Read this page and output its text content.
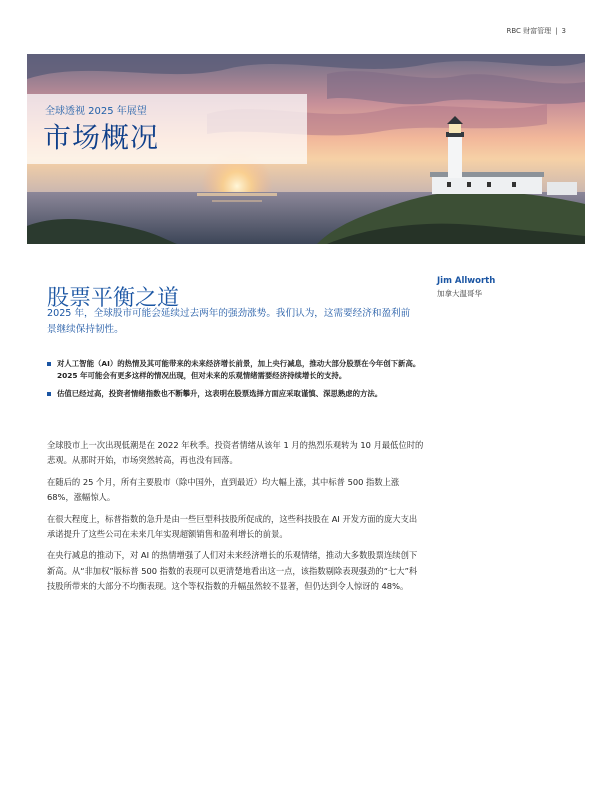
RBC 财富管理 | 3
全球透视 2025 年展望
市场概况
股票平衡之道
Jim Allworth
加拿大温哥华
2025 年，全球股市可能会延续过去两年的强劲涨势。我们认为，这需要经济和盈利前景继续保持韧性。
对人工智能（AI）的热情及其可能带来的未来经济增长前景，加上央行减息，推动大部分股票在今年创下新高。2025 年可能会有更多这样的情况出现，但对未来的乐观情绪需要经济持续增长的支持。
估值已经过高，投资者情绪指数也不断攀升，这表明在股票选择方面应采取谨慎、深思熟虑的方法。

全球股市上一次出现低潮是在 2022 年秋季。投资者情绪从该年 1 月的热烈乐观转为 10 月最低位时的悲观。从那时开始，市场突然转高，再也没有回落。

在随后的 25 个月，所有主要股市（除中国外，直到最近）均大幅上涨，其中标普 500 指数上涨 68%，涨幅惊人。

在很大程度上，标普指数的急升是由一些巨型科技股所促成的，这些科技股在 AI 开发方面的庞大支出承诺提升了这些公司在未来几年实现超额销售和盈利增长的前景。

在央行减息的推动下，对 AI 的热情增强了人们对未来经济增长的乐观情绪，推动大多数股票连续创下新高。从“非加权”版标普 500 指数的表现可以更清楚地看出这一点，该指数剔除表现强劲的“七大”科技股所带来的大部分不均衡表现。这个等权指数的升幅虽然较不显著，但仍达到令人惊讶的 48%。
